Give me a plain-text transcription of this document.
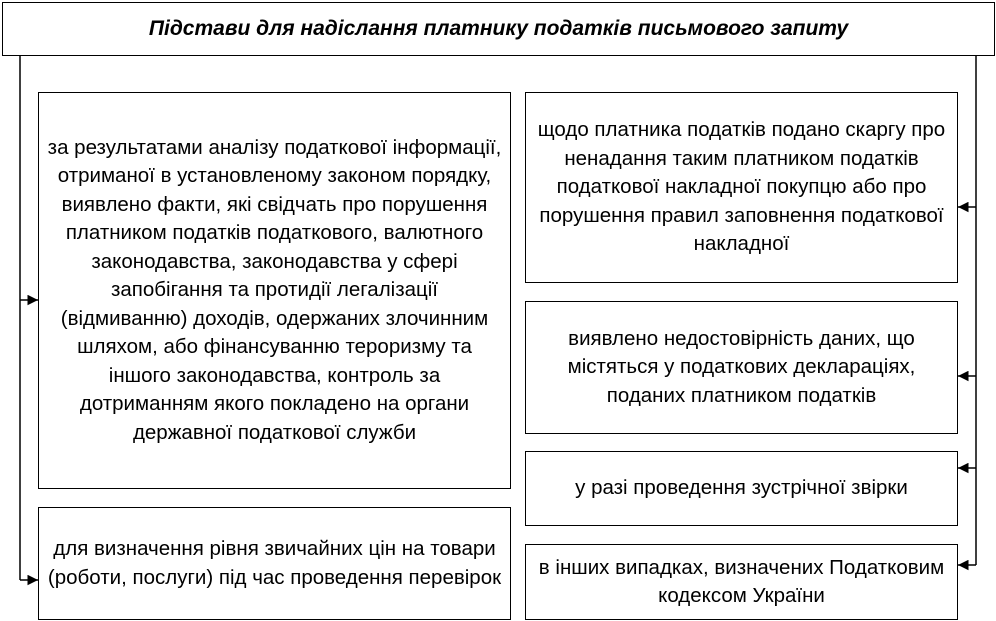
Підстави для надіслання платнику податків письмового запиту
за результатами аналізу податкової інформації, отриманої в установленому законом порядку, виявлено факти, які свідчать про порушення платником податків податкового, валютного законодавства, законодавства у сфері запобігання та протидії легалізації (відмиванню) доходів, одержаних злочинним шляхом, або фінансуванню тероризму та іншого законодавства, контроль за дотриманням якого покладено на органи державної податкової служби
для визначення рівня звичайних цін на товари (роботи, послуги) під час проведення перевірок
щодо платника податків подано скаргу про ненадання таким платником податків податкової накладної покупцю або про порушення правил заповнення податкової накладної
виявлено недостовірність даних, що містяться у податкових деклараціях, поданих платником податків
у разі проведення зустрічної звірки
в інших випадках, визначених Податковим кодексом України
